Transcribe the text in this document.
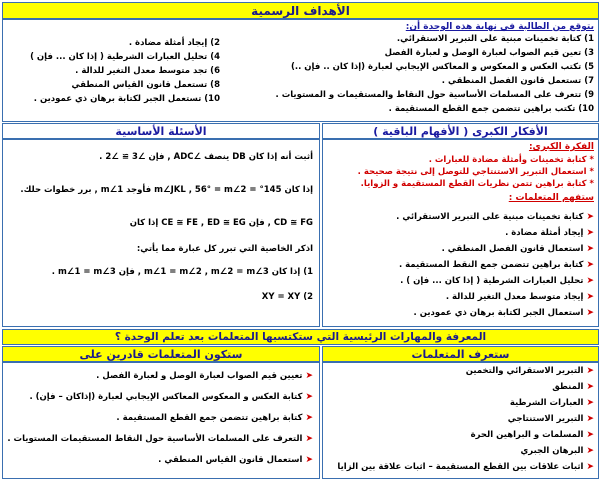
الأهداف الرسمية
يتوقع من الطالبة في نهاية هذه الوحدة أن:
1) كتابة تخمينات مبنية على التبرير الاستقرائي.
3) تعين قيم الصواب لعبارة الوصل و لعبارة الفصل
5) تكتب العكس و المعكوس و المعاكس الإيجابي لعبارة (إذا كان .. فإن ..)
7) تستعمل قانون الفصل المنطقي .
9) تتعرف على المسلمات الأساسية حول النقاط والمستقيمات و المستويات .
10) تكتب براهين تتضمن جمع القطع المستقيمة .
2) إيجاد أمثلة مضادة .
4) تحليل العبارات الشرطية ( إذا كان ... فإن )
6) تجد متوسط معدل التغير للدالة .
8) تستعمل قانون القياس المنطقي
10) تستعمل الجبر لكتابة برهان ذي عمودين .
الأفكار الكبرى ( الأفهام الباقية )
الأسئلة الأساسية
الفكرة الكبرى:
* كتابة تخمينات وأمثلة مضادة للعبارات .
* استعمال التبرير الاستنتاجي للتوصل إلى نتيجة صحيحة .
* كتابة براهين تتمن نظريات القطع المستقيمة و الزوايا.
ستفهم المتعلمات :
➤كتابة تخمينات مبنية على التبرير الاستقرائي .
➤إيجاد أمثلة مضادة .
➤استعمال قانون الفصل المنطقي .
➤كتابة براهين تتضمن جمع النقط المستقيمة .
➤تحليل العبارات الشرطية ( إذا كان ... فإن ) .
➤إيجاد متوسط معدل التغير للدالة .
➤استعمال الجبر لكتابة برهان ذي عمودين .
أثبت أنه إذا كان DB ينصف ∠ADC , فإن ∠3 ≅ ∠2 .
إذا كان 145° = m∠JKL , 56° = m∠2 فأوجد m∠1 , برر خطوات حلك.
CD ≅ FG , فإن CE ≅ FE , ED ≅ EG إذا كان
اذكر الخاصية التي تبرر كل عبارة مما يأتي:
1) إذا كان m∠1 = m∠2 , m∠2 = m∠3 , فإن m∠1 = m∠3 .
XY = XY (2
المعرفة والمهارات الرئيسية التي ستكتسبها المتعلمات بعد تعلم الوحدة ؟
ستعرف المتعلمات
ستكون المتعلمات قادرين على
➤التبرير الاستقرائي والتخمين
➤المنطق
➤العبارات الشرطية
➤التبرير الاستنتاجي
➤المسلمات و البراهين الحرة
➤البرهان الجبري
➤اثبات علاقات بين القطع المستقيمة – اثبات علاقة بين الزايا
➤تعيين قيم الصواب لعبارة الوصل و لعبارة الفصل .
➤كتابة العكس و المعكوس المعاكس الإيجابي لعبارة (إذاكان – فإن) .
➤كتابة براهين تتضمن جمع القطع المستقيمة .
➤التعرف على المسلمات الأساسية حول النقاط المستقيمات المستويات .
➤استعمال قانون القياس المنطقي .
